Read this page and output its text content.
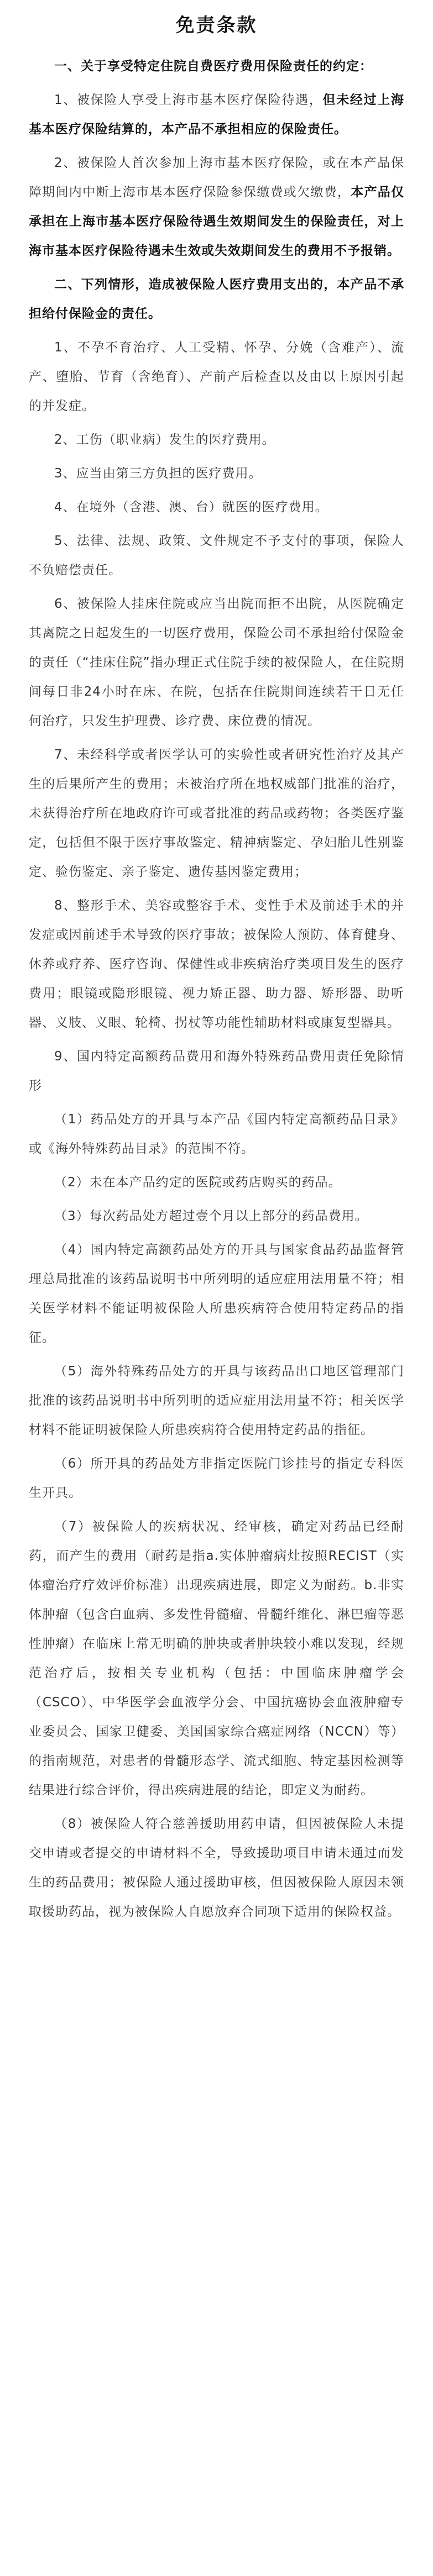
免责条款
一、关于享受特定住院自费医疗费用保险责任的约定：
1、被保险人享受上海市基本医疗保险待遇，但未经过上海基本医疗保险结算的，本产品不承担相应的保险责任。
2、被保险人首次参加上海市基本医疗保险，或在本产品保障期间内中断上海市基本医疗保险参保缴费或欠缴费，本产品仅承担在上海市基本医疗保险待遇生效期间发生的保险责任，对上海市基本医疗保险待遇未生效或失效期间发生的费用不予报销。
二、下列情形，造成被保险人医疗费用支出的，本产品不承担给付保险金的责任。
1、不孕不育治疗、人工受精、怀孕、分娩（含难产）、流产、堕胎、节育（含绝育）、产前产后检查以及由以上原因引起的并发症。
2、工伤（职业病）发生的医疗费用。
3、应当由第三方负担的医疗费用。
4、在境外（含港、澳、台）就医的医疗费用。
5、法律、法规、政策、文件规定不予支付的事项，保险人不负赔偿责任。
6、被保险人挂床住院或应当出院而拒不出院，从医院确定其离院之日起发生的一切医疗费用，保险公司不承担给付保险金的责任（“挂床住院”指办理正式住院手续的被保险人，在住院期间每日非24小时在床、在院，包括在住院期间连续若干日无任何治疗，只发生护理费、诊疗费、床位费的情况。
7、未经科学或者医学认可的实验性或者研究性治疗及其产生的后果所产生的费用；未被治疗所在地权威部门批准的治疗，未获得治疗所在地政府许可或者批准的药品或药物；各类医疗鉴定，包括但不限于医疗事故鉴定、精神病鉴定、孕妇胎儿性别鉴定、验伤鉴定、亲子鉴定、遗传基因鉴定费用；
8、整形手术、美容或整容手术、变性手术及前述手术的并发症或因前述手术导致的医疗事故；被保险人预防、体育健身、休养或疗养、医疗咨询、保健性或非疾病治疗类项目发生的医疗费用；眼镜或隐形眼镜、视力矫正器、助力器、矫形器、助听器、义肢、义眼、轮椅、拐杖等功能性辅助材料或康复型器具。
9、国内特定高额药品费用和海外特殊药品费用责任免除情形
（1）药品处方的开具与本产品《国内特定高额药品目录》或《海外特殊药品目录》的范围不符。
（2）未在本产品约定的医院或药店购买的药品。
（3）每次药品处方超过壹个月以上部分的药品费用。
（4）国内特定高额药品处方的开具与国家食品药品监督管理总局批准的该药品说明书中所列明的适应症用法用量不符；相关医学材料不能证明被保险人所患疾病符合使用特定药品的指征。
（5）海外特殊药品处方的开具与该药品出口地区管理部门批准的该药品说明书中所列明的适应症用法用量不符；相关医学材料不能证明被保险人所患疾病符合使用特定药品的指征。
（6）所开具的药品处方非指定医院门诊挂号的指定专科医生开具。
（7）被保险人的疾病状况、经审核，确定对药品已经耐药，而产生的费用（耐药是指a.实体肿瘤病灶按照RECIST（实体瘤治疗疗效评价标准）出现疾病进展，即定义为耐药。b.非实体肿瘤（包含白血病、多发性骨髓瘤、骨髓纤维化、淋巴瘤等恶性肿瘤）在临床上常无明确的肿块或者肿块较小难以发现，经规范治疗后，按相关专业机构（包括：中国临床肿瘤学会（CSCO）、中华医学会血液学分会、中国抗癌协会血液肿瘤专业委员会、国家卫健委、美国国家综合癌症网络（NCCN）等）的指南规范，对患者的骨髓形态学、流式细胞、特定基因检测等结果进行综合评价，得出疾病进展的结论，即定义为耐药。
（8）被保险人符合慈善援助用药申请，但因被保险人未提交申请或者提交的申请材料不全，导致援助项目申请未通过而发生的药品费用；被保险人通过援助审核，但因被保险人原因未领取援助药品，视为被保险人自愿放弃合同项下适用的保险权益。
